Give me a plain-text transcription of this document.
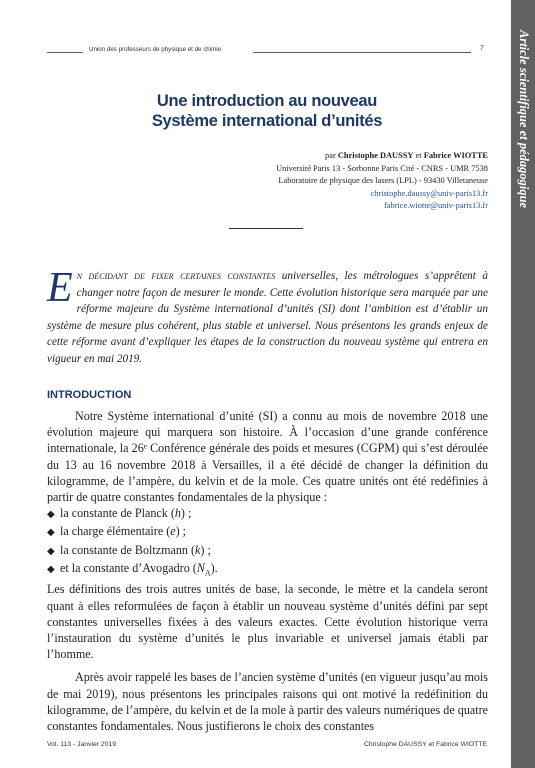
Union des professeurs de physique et de chimie	7	Article scientifique et pédagogique
Une introduction au nouveau
Système international d’unités
par Christophe DAUSSY et Fabrice WIOTTE
Université Paris 13 - Sorbonne Paris Cité - CNRS - UMR 7538
Laboratoire de physique des lasers (LPL) - 93430 Villetaneuse
christophe.daussy@univ-paris13.fr
fabrice.wiotte@univ-paris13.fr
En décidant de fixer certaines constantes universelles, les métrologues s’apprêtent à changer notre façon de mesurer le monde. Cette évolution historique sera marquée par une réforme majeure du Système international d’unités (SI) dont l’ambition est d’établir un système de mesure plus cohérent, plus stable et universel. Nous présentons les grands enjeux de cette réforme avant d’expliquer les étapes de la construction du nouveau système qui entrera en vigueur en mai 2019.
INTRODUCTION

Notre Système international d’unité (SI) a connu au mois de novembre 2018 une évolution majeure qui marquera son histoire. À l’occasion d’une grande conférence internationale, la 26ᵉ Conférence générale des poids et mesures (CGPM) qui s’est déroulée du 13 au 16 novembre 2018 à Versailles, il a été décidé de changer la définition du kilogramme, de l’ampère, du kelvin et de la mole. Ces quatre unités ont été redéfinies à partir de quatre constantes fondamentales de la physique :

◆ la constante de Planck (h) ;
◆ la charge élémentaire (e) ;
◆ la constante de Boltzmann (k) ;
◆ et la constante d’Avogadro $(N_A)$.

Les définitions des trois autres unités de base, la seconde, le mètre et la candela seront quant à elles reformulées de façon à établir un nouveau système d’unités défini par sept constantes universelles fixées à des valeurs exactes. Cette évolution historique verra l’instauration du système d’unités le plus invariable et universel jamais établi par l’homme.

Après avoir rappelé les bases de l’ancien système d’unités (en vigueur jusqu’au mois de mai 2019), nous présentons les principales raisons qui ont motivé la redéfinition du kilogramme, de l’ampère, du kelvin et de la mole à partir des valeurs numériques de quatre constantes fondamentales. Nous justifierons le choix des constantes

Vol. 113 - Janvier 2019	Christophe DAUSSY et Fabrice WIOTTE
